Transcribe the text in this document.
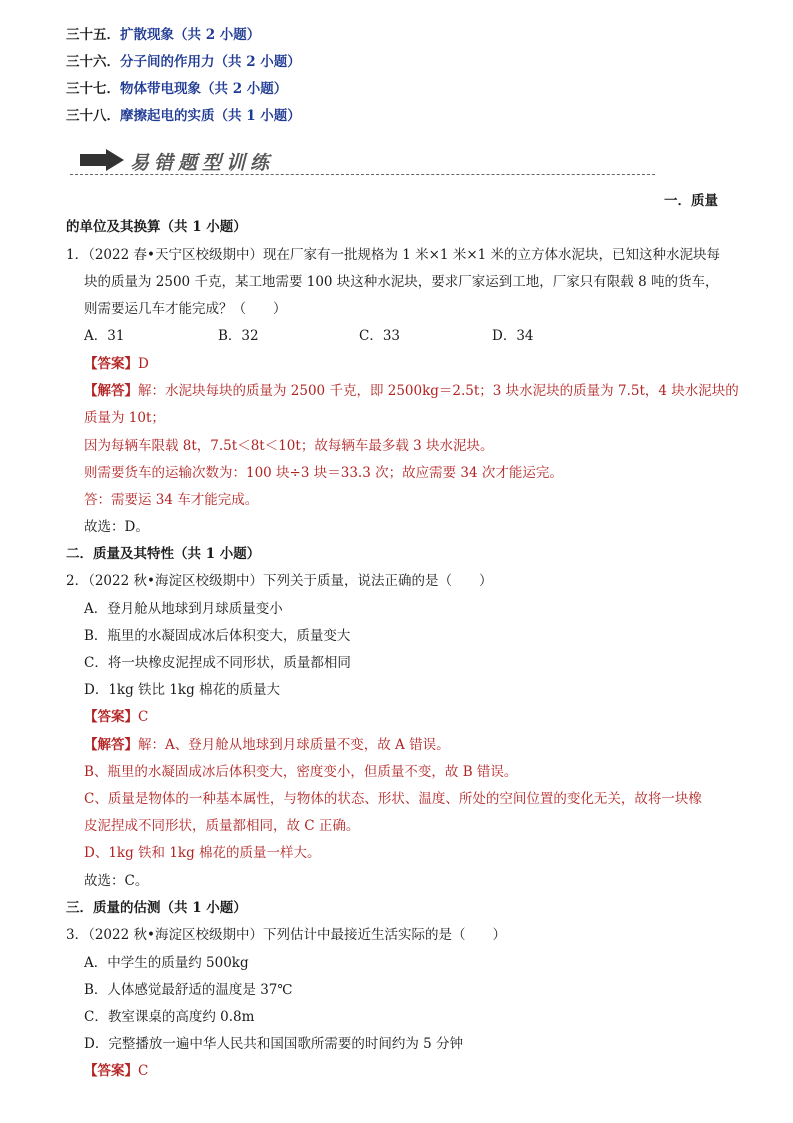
三十五．扩散现象（共 2 小题）
三十六．分子间的作用力（共 2 小题）
三十七．物体带电现象（共 2 小题）
三十八．摩擦起电的实质（共 1 小题）
易错题型训练
一．质量
的单位及其换算（共 1 小题）
1．（2022 春•天宁区校级期中）现在厂家有一批规格为 1 米×1 米×1 米的立方体水泥块，已知这种水泥块每
块的质量为 2500 千克，某工地需要 100 块这种水泥块，要求厂家运到工地，厂家只有限载 8 吨的货车，
则需要运几车才能完成？（　　）
A．31	B．32	C．33	D．34
【答案】D
【解答】解：水泥块每块的质量为 2500 千克，即 2500kg＝2.5t；3 块水泥块的质量为 7.5t，4 块水泥块的
质量为 10t；
因为每辆车限载 8t，7.5t＜8t＜10t；故每辆车最多载 3 块水泥块。
则需要货车的运输次数为：100 块÷3 块＝33.3 次；故应需要 34 次才能运完。
答：需要运 34 车才能完成。
故选：D。
二．质量及其特性（共 1 小题）
2．（2022 秋•海淀区校级期中）下列关于质量，说法正确的是（　　）
A．登月舱从地球到月球质量变小
B．瓶里的水凝固成冰后体积变大，质量变大
C．将一块橡皮泥捏成不同形状，质量都相同
D．1kg 铁比 1kg 棉花的质量大
【答案】C
【解答】解：A、登月舱从地球到月球质量不变，故 A 错误。
B、瓶里的水凝固成冰后体积变大，密度变小，但质量不变，故 B 错误。
C、质量是物体的一种基本属性，与物体的状态、形状、温度、所处的空间位置的变化无关，故将一块橡
皮泥捏成不同形状，质量都相同，故 C 正确。
D、1kg 铁和 1kg 棉花的质量一样大。
故选：C。
三．质量的估测（共 1 小题）
3．（2022 秋•海淀区校级期中）下列估计中最接近生活实际的是（　　）
A．中学生的质量约 500kg
B．人体感觉最舒适的温度是 37℃
C．教室课桌的高度约 0.8m
D．完整播放一遍中华人民共和国国歌所需要的时间约为 5 分钟
【答案】C
